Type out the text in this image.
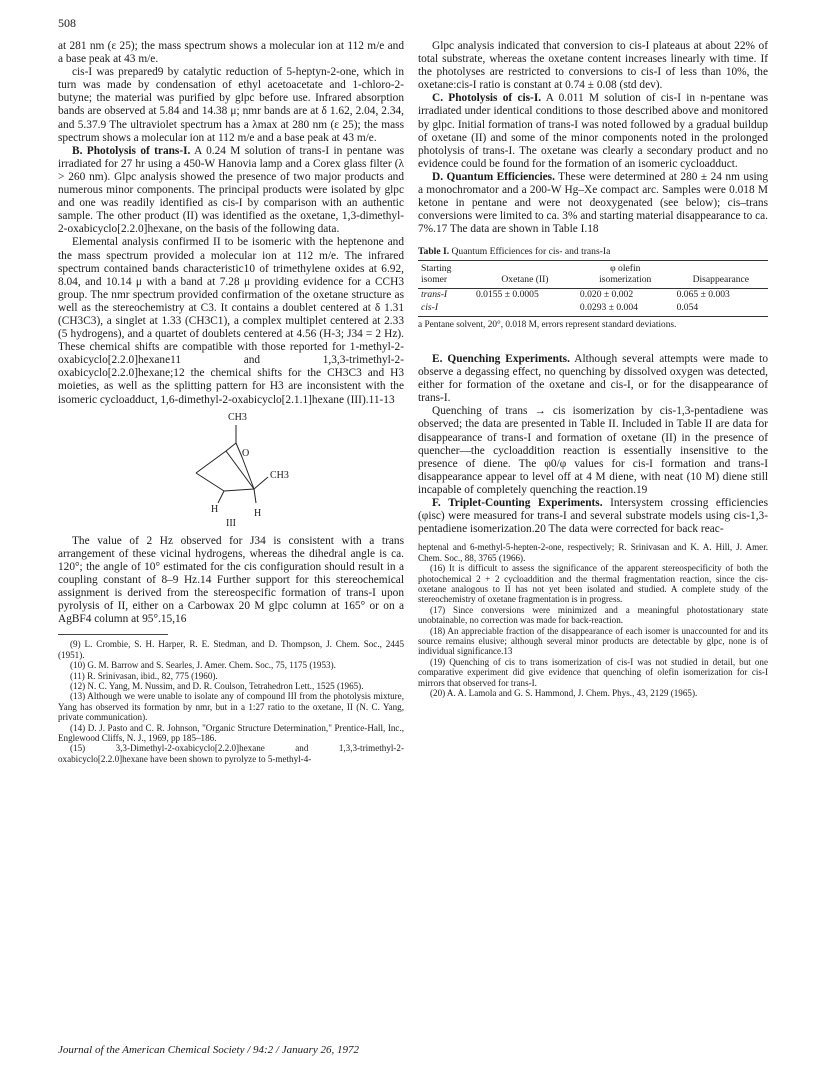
508

at 281 nm (ε 25); the mass spectrum shows a molecular ion at 112 m/e and a base peak at 43 m/e.

cis-I was prepared9 by catalytic reduction of 5-heptyn-2-one, which in turn was made by condensation of ethyl acetoacetate and 1-chloro-2-butyne; the material was purified by glpc before use. Infrared absorption bands are observed at 5.84 and 14.38 μ; nmr bands are at δ 1.62, 2.04, 2.34, and 5.37.9 The ultraviolet spectrum has a λmax at 280 nm (ε 25); the mass spectrum shows a molecular ion at 112 m/e and a base peak at 43 m/e.

B. Photolysis of trans-I. A 0.24 M solution of trans-I in pentane was irradiated for 27 hr using a 450-W Hanovia lamp and a Corex glass filter (λ > 260 nm). Glpc analysis showed the presence of two major products and numerous minor components. The principal products were isolated by glpc and one was readily identified as cis-I by comparison with an authentic sample. The other product (II) was identified as the oxetane, 1,3-dimethyl-2-oxabicyclo[2.2.0]hexane, on the basis of the following data.

Elemental analysis confirmed II to be isomeric with the heptenone and the mass spectrum provided a molecular ion at 112 m/e. The infrared spectrum contained bands characteristic10 of trimethylene oxides at 6.92, 8.04, and 10.14 μ with a band at 7.28 μ providing evidence for a CCH3 group. The nmr spectrum provided confirmation of the oxetane structure as well as the stereochemistry at C3. It contains a doublet centered at δ 1.31 (CH3C3), a singlet at 1.33 (CH3C1), a complex multiplet centered at 2.33 (5 hydrogens), and a quartet of doublets centered at 4.56 (H-3; J34 = 2 Hz). These chemical shifts are compatible with those reported for 1-methyl-2-oxabicyclo[2.2.0]hexane11 and 1,3,3-trimethyl-2-oxabicyclo[2.2.0]hexane;12 the chemical shifts for the CH3C3 and H3 moieties, as well as the splitting pattern for H3 are inconsistent with the isomeric cycloadduct, 1,6-dimethyl-2-oxabicyclo[2.1.1]hexane (III).11-13

CH3
O
CH3
H	H
III

The value of 2 Hz observed for J34 is consistent with a trans arrangement of these vicinal hydrogens, whereas the dihedral angle is ca. 120°; the angle of 10° estimated for the cis configuration should result in a coupling constant of 8–9 Hz.14 Further support for this stereochemical assignment is derived from the stereospecific formation of trans-I upon pyrolysis of II, either on a Carbowax 20 M glpc column at 165° or on a AgBF4 column at 95°.15,16

(9) L. Crombie, S. H. Harper, R. E. Stedman, and D. Thompson, J. Chem. Soc., 2445 (1951).

(10) G. M. Barrow and S. Searles, J. Amer. Chem. Soc., 75, 1175 (1953).

(11) R. Srinivasan, ibid., 82, 775 (1960).

(12) N. C. Yang, M. Nussim, and D. R. Coulson, Tetrahedron Lett., 1525 (1965).

(13) Although we were unable to isolate any of compound III from the photolysis mixture, Yang has observed its formation by nmr, but in a 1:27 ratio to the oxetane, II (N. C. Yang, private communication).

(14) D. J. Pasto and C. R. Johnson, "Organic Structure Determination," Prentice-Hall, Inc., Englewood Cliffs, N. J., 1969, pp 185–186.

(15) 3,3-Dimethyl-2-oxabicyclo[2.2.0]hexane and 1,3,3-trimethyl-2-oxabicyclo[2.2.0]hexane have been shown to pyrolyze to 5-methyl-4-

Glpc analysis indicated that conversion to cis-I plateaus at about 22% of total substrate, whereas the oxetane content increases linearly with time. If the photolyses are restricted to conversions to cis-I of less than 10%, the oxetane:cis-I ratio is constant at 0.74 ± 0.08 (std dev).

C. Photolysis of cis-I. A 0.011 M solution of cis-I in n-pentane was irradiated under identical conditions to those described above and monitored by glpc. Initial formation of trans-I was noted followed by a gradual buildup of oxetane (II) and some of the minor components noted in the prolonged photolysis of trans-I. The oxetane was clearly a secondary product and no evidence could be found for the formation of an isomeric cycloadduct.

D. Quantum Efficiencies. These were determined at 280 ± 24 nm using a monochromator and a 200-W Hg–Xe compact arc. Samples were 0.018 M ketone in pentane and were not deoxygenated (see below); cis–trans conversions were limited to ca. 3% and starting material disappearance to ca. 7%.17 The data are shown in Table I.18

Table I. Quantum Efficiences for cis- and trans-Ia
Starting		φ olefin	
isomer	Oxetane (II)	isomerization	Disappearance
trans-I	0.0155 ± 0.0005	0.020 ± 0.002	0.065 ± 0.003
cis-I		0.0293 ± 0.004	0.054
a Pentane solvent, 20°, 0.018 M, errors represent standard deviations.

E. Quenching Experiments. Although several attempts were made to observe a degassing effect, no quenching by dissolved oxygen was detected, either for formation of the oxetane and cis-I, or for the disappearance of trans-I.

Quenching of trans → cis isomerization by cis-1,3-pentadiene was observed; the data are presented in Table II. Included in Table II are data for disappearance of trans-I and formation of oxetane (II) in the presence of quencher—the cycloaddition reaction is essentially insensitive to the presence of diene. The φ0/φ values for cis-I formation and trans-I disappearance appear to level off at 4 M diene, with neat (10 M) diene still incapable of completely quenching the reaction.19

F. Triplet-Counting Experiments. Intersystem crossing efficiencies (φisc) were measured for trans-I and several substrate models using cis-1,3-pentadiene isomerization.20 The data were corrected for back reac-

heptenal and 6-methyl-5-hepten-2-one, respectively; R. Srinivasan and K. A. Hill, J. Amer. Chem. Soc., 88, 3765 (1966).

(16) It is difficult to assess the significance of the apparent stereospecificity of both the photochemical 2 + 2 cycloaddition and the thermal fragmentation reaction, since the cis-oxetane analogous to II has not yet been isolated and studied. A complete study of the stereochemistry of oxetane fragmentation is in progress.

(17) Since conversions were minimized and a meaningful photostationary state unobtainable, no correction was made for back-reaction.

(18) An appreciable fraction of the disappearance of each isomer is unaccounted for and its source remains elusive; although several minor products are detectable by glpc, none is of individual significance.13

(19) Quenching of cis to trans isomerization of cis-I was not studied in detail, but one comparative experiment did give evidence that quenching of olefin isomerization for cis-I mirrors that observed for trans-I.

(20) A. A. Lamola and G. S. Hammond, J. Chem. Phys., 43, 2129 (1965).

Journal of the American Chemical Society / 94:2 / January 26, 1972
